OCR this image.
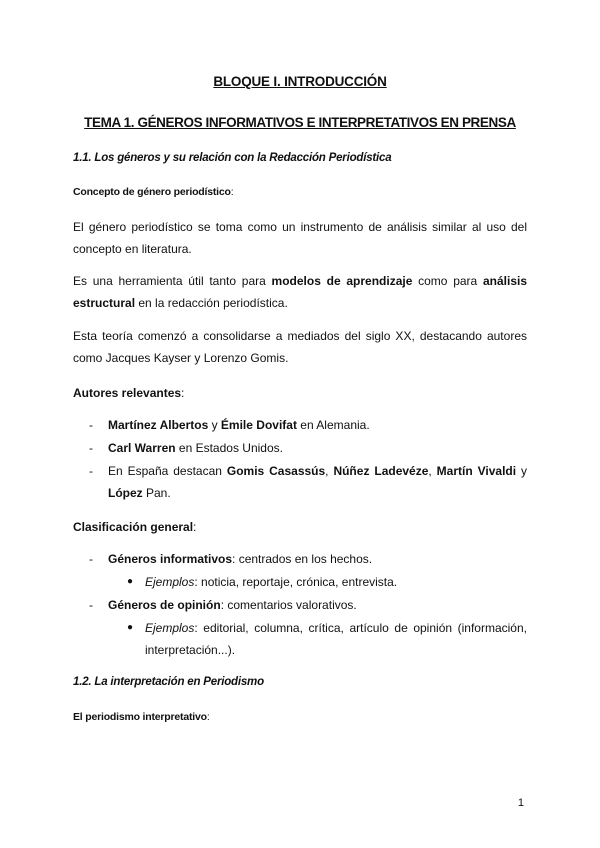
BLOQUE I. INTRODUCCIÓN
TEMA 1. GÉNEROS INFORMATIVOS E INTERPRETATIVOS EN PRENSA
1.1. Los géneros y su relación con la Redacción Periodística
Concepto de género periodístico:
El género periodístico se toma como un instrumento de análisis similar al uso del concepto en literatura.
Es una herramienta útil tanto para modelos de aprendizaje como para análisis estructural en la redacción periodística.
Esta teoría comenzó a consolidarse a mediados del siglo XX, destacando autores como Jacques Kayser y Lorenzo Gomis.
Autores relevantes:
- Martínez Albertos y Émile Dovifat en Alemania.
- Carl Warren en Estados Unidos.
- En España destacan Gomis Casassús, Núñez Ladevéze, Martín Vivaldi y
López Pan.
Clasificación general:
- Géneros informativos: centrados en los hechos.
● Ejemplos: noticia, reportaje, crónica, entrevista.
- Géneros de opinión: comentarios valorativos.
● Ejemplos: editorial, columna, crítica, artículo de opinión (información,
interpretación...).
1.2. La interpretación en Periodismo
El periodismo interpretativo:
1
